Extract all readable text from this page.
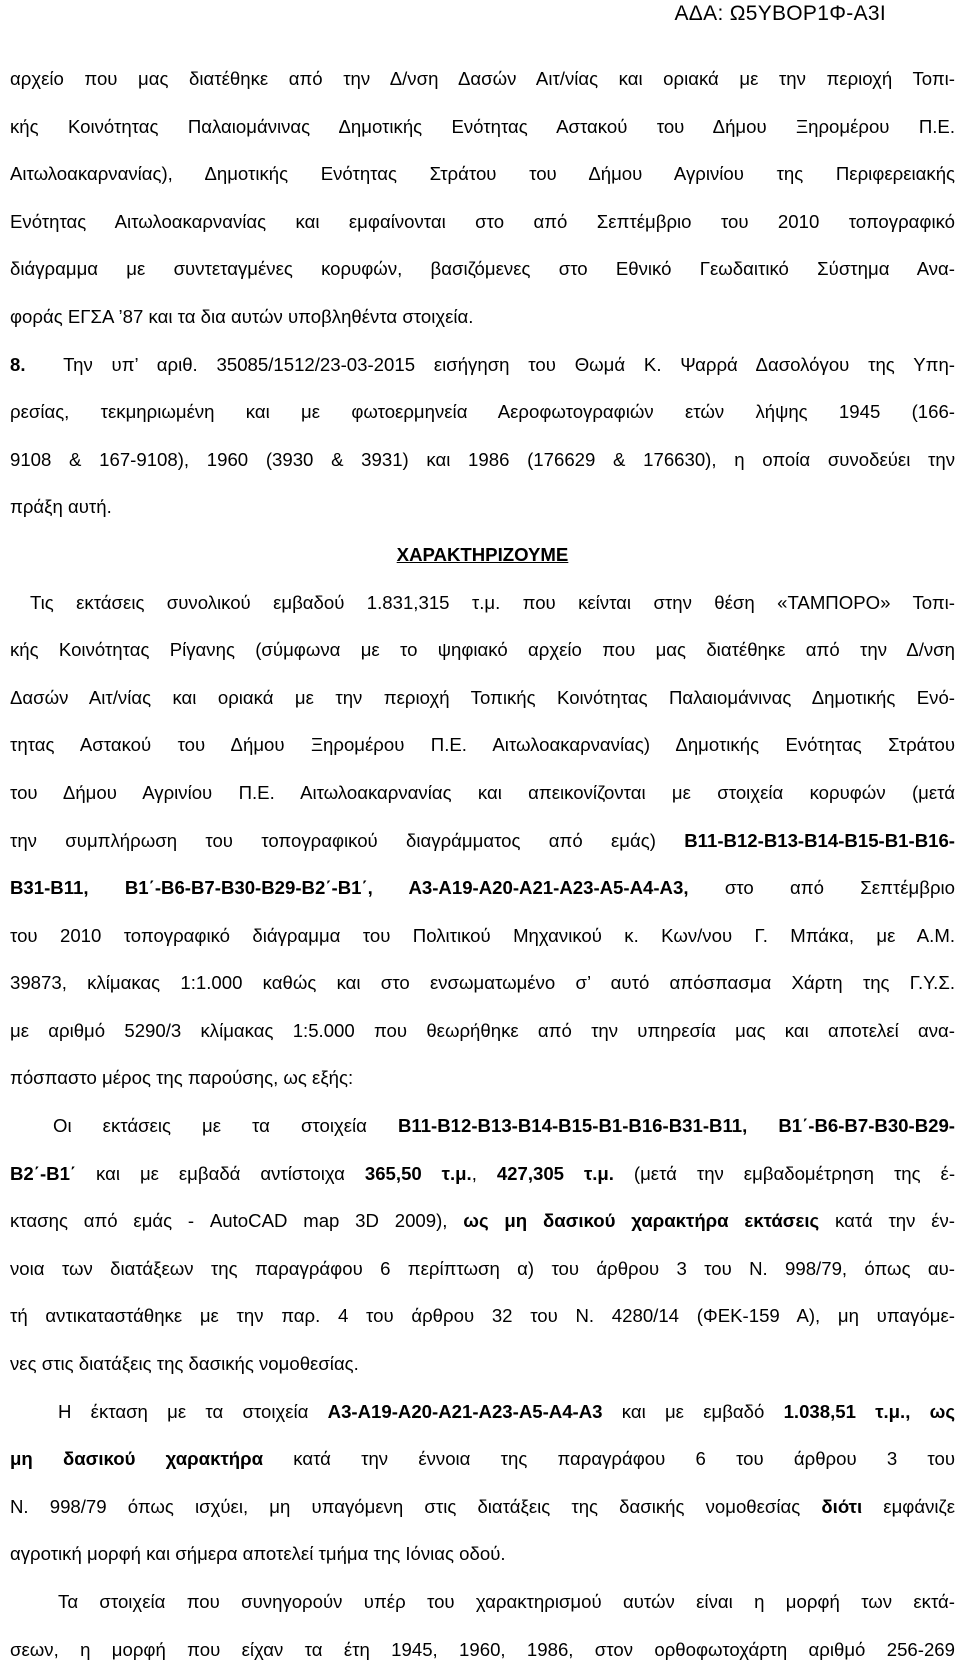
ΑΔΑ: Ω5ΥΒΟΡ1Φ-Α3Ι
αρχείο που μας διατέθηκε από την Δ/νση Δασών Αιτ/νίας και οριακά με την περιοχή Τοπι-
κής Κοινότητας Παλαιομάνινας Δημοτικής Ενότητας Αστακού του Δήμου Ξηρομέρου Π.Ε.
Αιτωλοακαρνανίας), Δημοτικής Ενότητας Στράτου του Δήμου Αγρινίου της Περιφερειακής
Ενότητας Αιτωλοακαρνανίας και εμφαίνονται στο από Σεπτέμβριο του 2010 τοπογραφικό
διάγραμμα με συντεταγμένες κορυφών, βασιζόμενες στο Εθνικό Γεωδαιτικό Σύστημα Ανα-
φοράς ΕΓΣΑ ’87 και τα δια αυτών υποβληθέντα στοιχεία.
8.  Την υπ’ αριθ. 35085/1512/23-03-2015 εισήγηση του Θωμά Κ. Ψαρρά Δασολόγου της Υπη-
ρεσίας, τεκμηριωμένη και με φωτοερμηνεία Αεροφωτογραφιών ετών λήψης 1945 (166-
9108 & 167-9108), 1960 (3930 & 3931) και 1986 (176629 & 176630), η οποία συνοδεύει την
πράξη αυτή.
ΧΑΡΑΚΤΗΡΙΖΟΥΜΕ
Τις εκτάσεις συνολικού εμβαδού 1.831,315 τ.μ. που κείνται στην θέση «ΤΑΜΠΟΡΟ» Τοπι-
κής Κοινότητας Ρίγανης (σύμφωνα με το ψηφιακό αρχείο που μας διατέθηκε από την Δ/νση
Δασών Αιτ/νίας και οριακά με την περιοχή Τοπικής Κοινότητας Παλαιομάνινας Δημοτικής Ενό-
τητας Αστακού του Δήμου Ξηρομέρου Π.Ε. Αιτωλοακαρνανίας) Δημοτικής Ενότητας Στράτου
του Δήμου Αγρινίου Π.Ε. Αιτωλοακαρνανίας και απεικονίζονται με στοιχεία κορυφών (μετά
την συμπλήρωση του τοπογραφικού διαγράμματος από εμάς) Β11-Β12-Β13-Β14-Β15-Β1-Β16-
Β31-Β11, Β1΄-Β6-Β7-Β30-Β29-Β2΄-Β1΄, Α3-Α19-Α20-Α21-Α23-Α5-Α4-Α3, στο από Σεπτέμβριο
του 2010 τοπογραφικό διάγραμμα του Πολιτικού Μηχανικού κ. Κων/νου Γ. Μπάκα, με Α.Μ.
39873, κλίμακας 1:1.000 καθώς και στο ενσωματωμένο σ’ αυτό απόσπασμα Χάρτη της Γ.Υ.Σ.
με αριθμό 5290/3 κλίμακας 1:5.000 που θεωρήθηκε από την υπηρεσία μας και αποτελεί ανα-
πόσπαστο μέρος της παρούσης, ως εξής:
Οι εκτάσεις με τα στοιχεία Β11-Β12-Β13-Β14-Β15-Β1-Β16-Β31-Β11, Β1΄-Β6-Β7-Β30-Β29-
Β2΄-Β1΄ και με εμβαδά αντίστοιχα 365,50 τ.μ., 427,305 τ.μ. (μετά την εμβαδομέτρηση της έ-
κτασης από εμάς - AutoCAD map 3D 2009), ως μη δασικού χαρακτήρα εκτάσεις κατά την έν-
νοια των διατάξεων της παραγράφου 6 περίπτωση α) του άρθρου 3 του Ν. 998/79, όπως αυ-
τή αντικαταστάθηκε με την παρ. 4 του άρθρου 32 του Ν. 4280/14 (ΦΕΚ-159 Α), μη υπαγόμε-
νες στις διατάξεις της δασικής νομοθεσίας.
Η έκταση με τα στοιχεία Α3-Α19-Α20-Α21-Α23-Α5-Α4-Α3 και με εμβαδό 1.038,51 τ.μ., ως
μη δασικού χαρακτήρα κατά την έννοια της παραγράφου 6 του άρθρου 3 του
Ν. 998/79 όπως ισχύει, μη υπαγόμενη στις διατάξεις της δασικής νομοθεσίας διότι εμφάνιζε
αγροτική μορφή και σήμερα αποτελεί τμήμα της Ιόνιας οδού.
Τα στοιχεία που συνηγορούν υπέρ του χαρακτηρισμού αυτών είναι η μορφή των εκτά-
σεων, η μορφή που είχαν τα έτη 1945, 1960, 1986, στον ορθοφωτοχάρτη αριθμό 256-269
